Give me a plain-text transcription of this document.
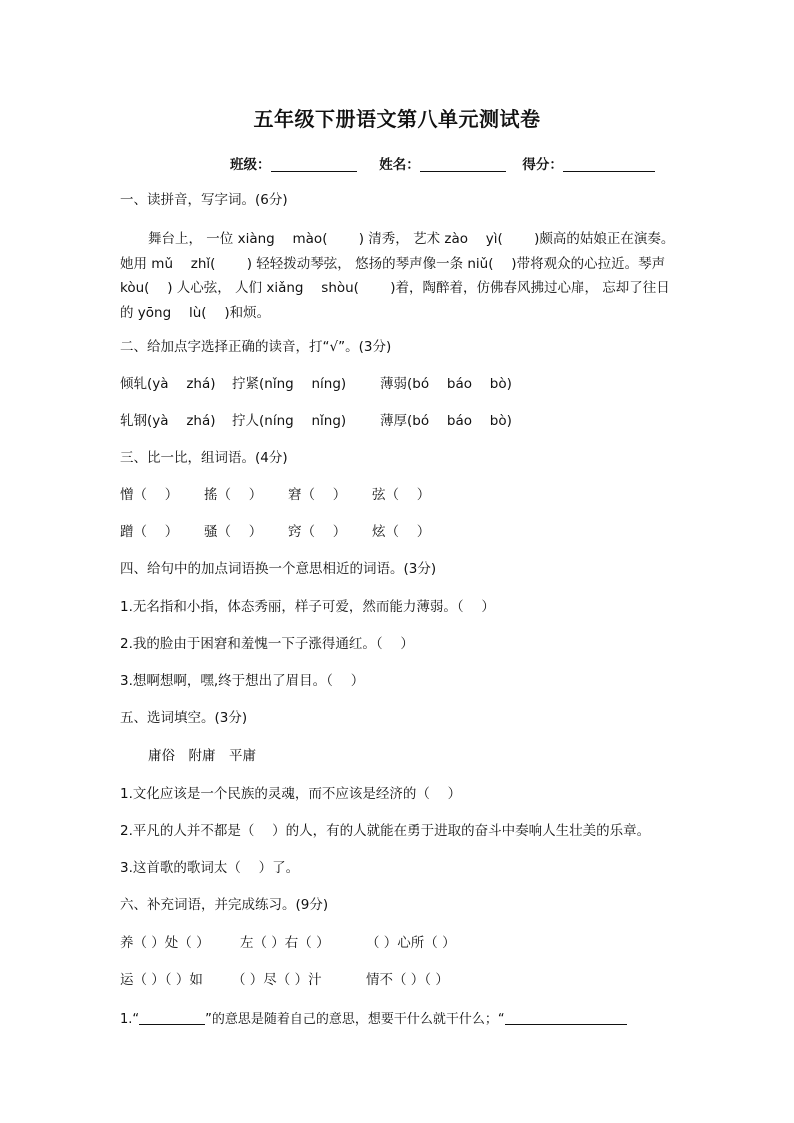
五年级下册语文第八单元测试卷
班级：	姓名：	得分：
一、读拼音，写字词。(6分)

舞台上， 一位 xiàng　 mào(　　 ) 清秀， 艺术 zào　 yì(　　 )颇高的姑娘正在演奏。

她用 mǔ　 zhǐ(　　 ) 轻轻拨动琴弦， 悠扬的琴声像一条 niǔ(　 )带将观众的心拉近。琴声

kòu(　 ) 人心弦， 人们 xiǎng　 shòu(　　 )着，陶醉着，仿佛春风拂过心扉， 忘却了往日

的 yōng　 lù(　 )和烦。

二、给加点字选择正确的读音，打“√”。(3分)
倾轧(yà　 zhá) 拧紧(nǐng　 níng)	薄弱(bó　 báo　 bò)
轧钢(yà　 zhá) 拧人(níng　 nǐng)	薄厚(bó　 báo　 bò)
三、比一比，组词语。(4分)
憎（　 ） 搖（　 ） 窘（　 ） 弦（　 ）
蹭（　 ） 骚（　 ） 窍（　 ） 炫（　 ）
四、给句中的加点词语换一个意思相近的词语。(3分)
1.无名指和小指，体态秀丽，样子可爱，然而能力薄弱。（　 ）
2.我的脸由于困窘和羞愧一下子涨得通红。（　 ）
3.想啊想啊，嘿,终于想出了眉目。（　 ）
五、选词填空。(3分)
庸俗　附庸　平庸
1.文化应该是一个民族的灵魂，而不应该是经济的（　 ）
2.平凡的人并不都是（　 ）的人，有的人就能在勇于进取的奋斗中奏响人生壮美的乐章。
3.这首歌的歌词太（　 ）了。
六、补充词语，并完成练习。(9分)
养（ ）处（ ） 左（ ）右（ ）	（ ）心所（ ）
运（ ）（ ）如 （ ）尽（ ）汁	情不（ ）（ ）
1.“	”的意思是随着自己的意思，想要干什么就干什么；“
